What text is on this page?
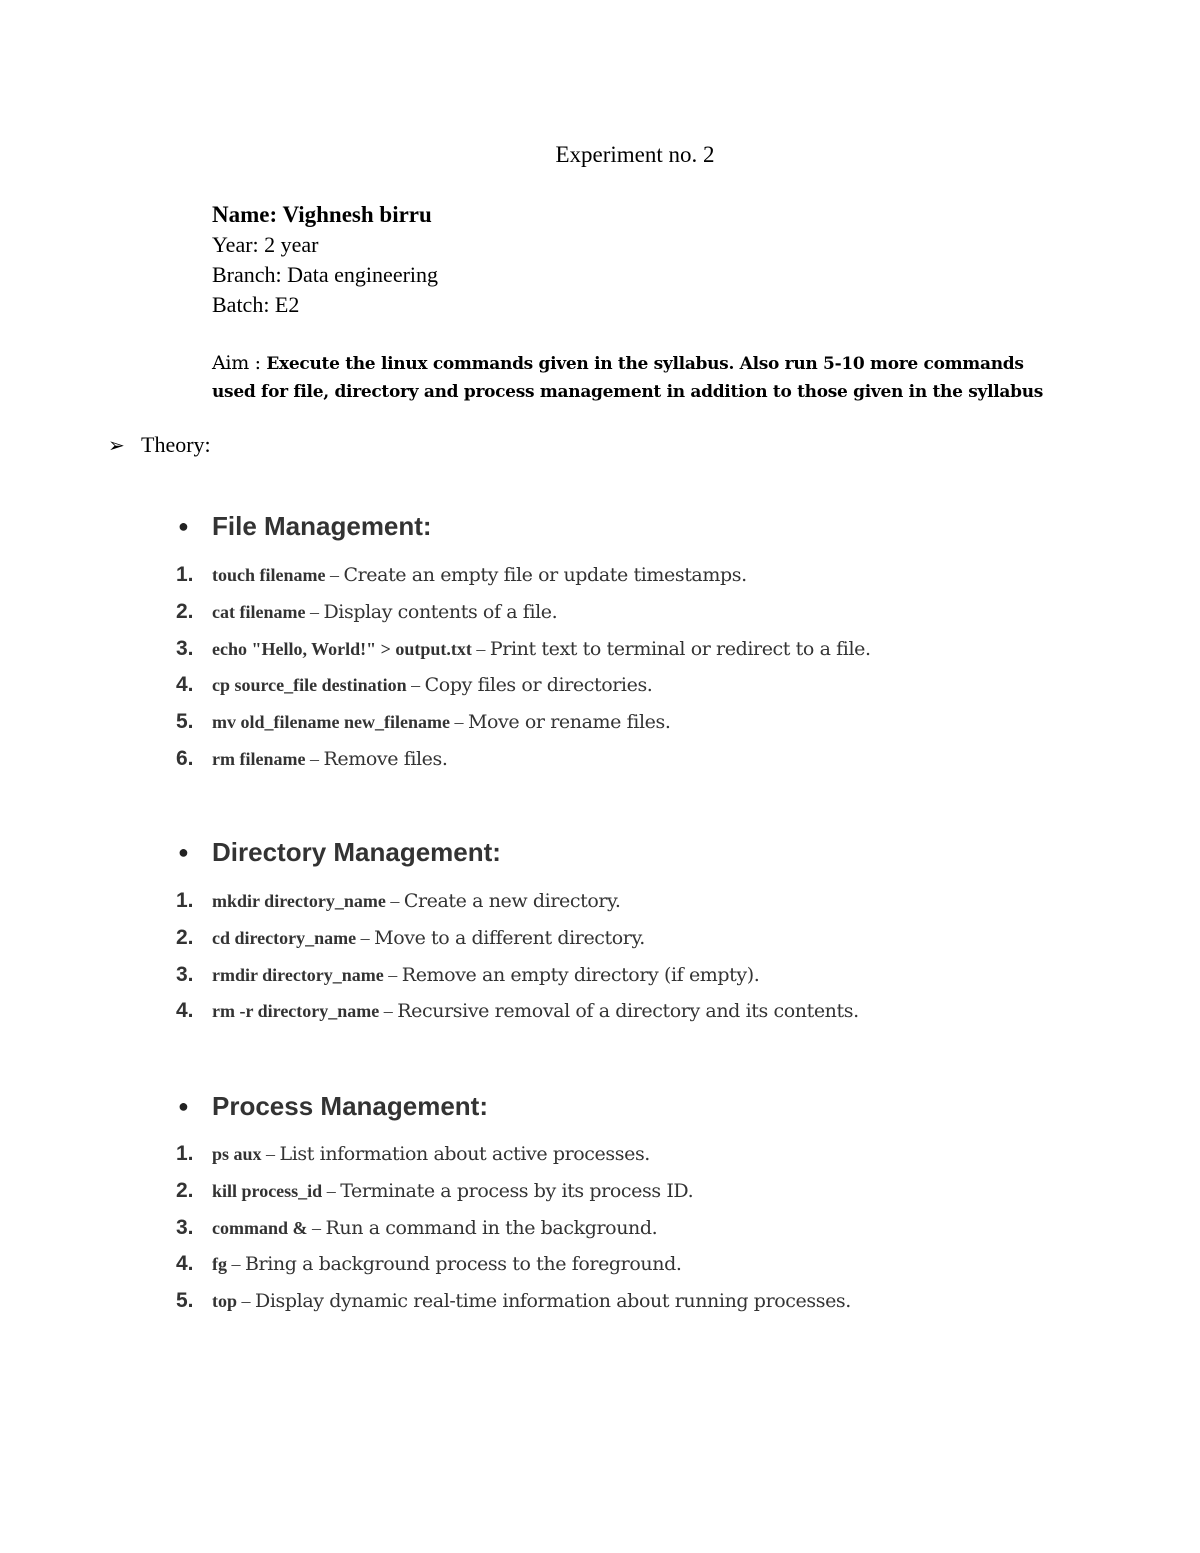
Experiment no. 2
Name: Vighnesh birru
Year: 2 year
Branch: Data engineering
Batch: E2
Aim : Execute the linux commands given in the syllabus. Also run 5-10 more commands
used for file, directory and process management in addition to those given in the syllabus
➢ Theory:
● File Management:
1. touch filename – Create an empty file or update timestamps.
2. cat filename – Display contents of a file.
3. echo "Hello, World!" > output.txt – Print text to terminal or redirect to a file.
4. cp source_file destination – Copy files or directories.
5. mv old_filename new_filename – Move or rename files.
6. rm filename – Remove files.
● Directory Management:
1. mkdir directory_name – Create a new directory.
2. cd directory_name – Move to a different directory.
3. rmdir directory_name – Remove an empty directory (if empty).
4. rm -r directory_name – Recursive removal of a directory and its contents.
● Process Management:
1. ps aux – List information about active processes.
2. kill process_id – Terminate a process by its process ID.
3. command & – Run a command in the background.
4. fg – Bring a background process to the foreground.
5. top – Display dynamic real-time information about running processes.
